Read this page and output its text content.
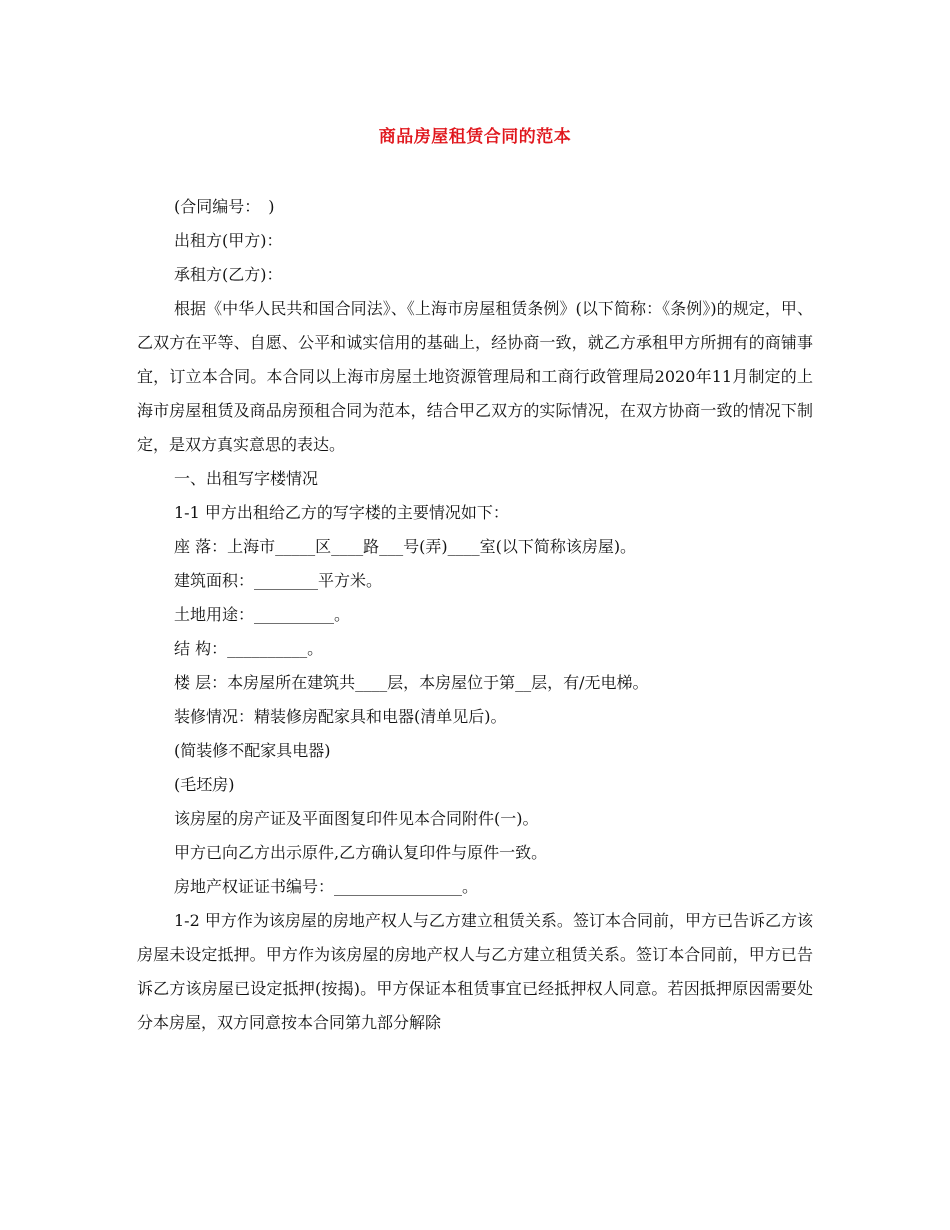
商品房屋租赁合同的范本
(合同编号：　)
出租方(甲方)：
承租方(乙方)：

根据《中华人民共和国合同法》、《上海市房屋租赁条例》(以下简称：《条例》)的规定，甲、乙双方在平等、自愿、公平和诚实信用的基础上，经协商一致，就乙方承租甲方所拥有的商铺事宜，订立本合同。本合同以上海市房屋土地资源管理局和工商行政管理局2020年11月制定的上海市房屋租赁及商品房预租合同为范本，结合甲乙双方的实际情况，在双方协商一致的情况下制定，是双方真实意思的表达。

一、出租写字楼情况
1-1 甲方出租给乙方的写字楼的主要情况如下：
座 落：上海市_____区____路___号(弄)____室(以下简称该房屋)。
建筑面积：________平方米。
土地用途：__________。
结 构：__________。
楼 层：本房屋所在建筑共____层，本房屋位于第__层，有/无电梯。
装修情况：精装修房配家具和电器(清单见后)。
(简装修不配家具电器)
(毛坯房)
该房屋的房产证及平面图复印件见本合同附件(一)。
甲方已向乙方出示原件,乙方确认复印件与原件一致。
房地产权证证书编号：________________。

1-2 甲方作为该房屋的房地产权人与乙方建立租赁关系。签订本合同前，甲方已告诉乙方该房屋未设定抵押。甲方作为该房屋的房地产权人与乙方建立租赁关系。签订本合同前，甲方已告诉乙方该房屋已设定抵押(按揭)。甲方保证本租赁事宜已经抵押权人同意。若因抵押原因需要处分本房屋，双方同意按本合同第九部分解除
